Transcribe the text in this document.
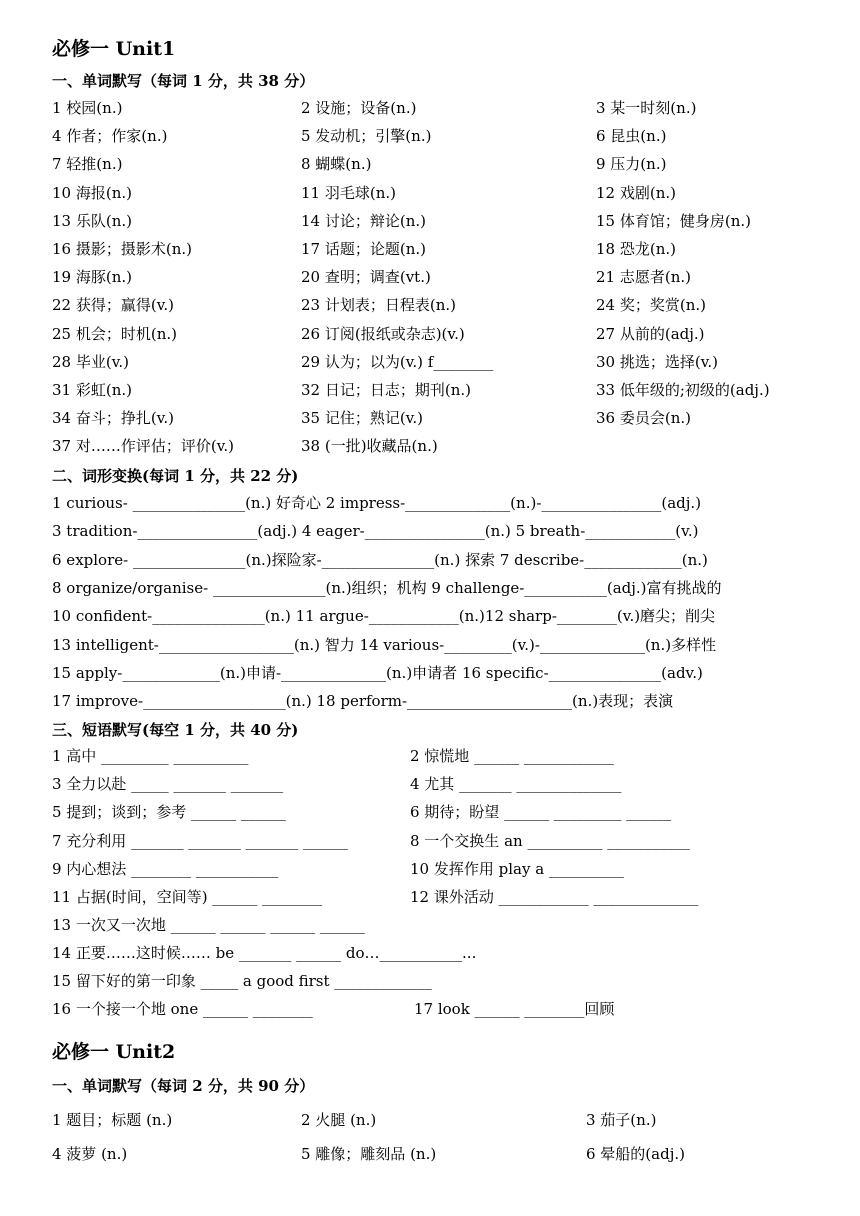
必修一 Unit1
一、单词默写（每词 1 分，共 38 分）
1 校园(n.)	2 设施；设备(n.)	3 某一时刻(n.)
4 作者；作家(n.)	5 发动机；引擎(n.)	6 昆虫(n.)
7 轻推(n.)	8 蝴蝶(n.)	9 压力(n.)
10 海报(n.)	11 羽毛球(n.)	12 戏剧(n.)
13 乐队(n.)	14 讨论；辩论(n.)	15 体育馆；健身房(n.)
16 摄影；摄影术(n.)	17 话题；论题(n.)	18 恐龙(n.)
19 海豚(n.)	20 查明；调查(vt.)	21 志愿者(n.)
22 获得；赢得(v.)	23 计划表；日程表(n.)	24 奖；奖赏(n.)
25 机会；时机(n.)	26 订阅(报纸或杂志)(v.)	27 从前的(adj.)
28 毕业(v.)	29 认为；以为(v.) f________	30 挑选；选择(v.)
31 彩虹(n.)	32 日记；日志；期刊(n.)	33 低年级的;初级的(adj.)
34 奋斗；挣扎(v.)	35 记住；熟记(v.)	36 委员会(n.)
37 对……作评估；评价(v.)	38 (一批)收藏品(n.)
二、词形变换(每词 1 分，共 22 分)
1 curious- _______________(n.) 好奇心 2 impress-______________(n.)-________________(adj.)
3 tradition-________________(adj.) 4 eager-________________(n.) 5 breath-____________(v.)
6 explore- _______________(n.)探险家-_______________(n.) 探索 7 describe-_____________(n.)
8 organize/organise- _______________(n.)组织；机构 9 challenge-___________(adj.)富有挑战的
10 confident-_______________(n.) 11 argue-____________(n.)12 sharp-________(v.)磨尖；削尖
13 intelligent-__________________(n.) 智力 14 various-_________(v.)-______________(n.)多样性
15 apply-_____________(n.)申请-______________(n.)申请者 16 specific-_______________(adv.)
17 improve-___________________(n.) 18 perform-______________________(n.)表现；表演
三、短语默写(每空 1 分，共 40 分)
1 高中 _________ __________	2 惊慌地 ______ ____________
3 全力以赴 _____ _______ _______	4 尤其 _______ ______________
5 提到；谈到；参考 ______ ______	6 期待；盼望 ______ _________ ______
7 充分利用 _______ _______ _______ ______	8 一个交换生 an __________ ___________
9 内心想法 ________ ___________	10 发挥作用 play a __________
11 占据(时间，空间等) ______ ________	12 课外活动 ____________ ______________
13 一次又一次地 ______ ______ ______ ______
14 正要……这时候…… be _______ ______ do…___________...
15 留下好的第一印象 _____ a good first _____________
16 一个接一个地 one ______ ________	17 look ______ ________回顾
必修一 Unit2
一、单词默写（每词 2 分，共 90 分）
1 题目；标题 (n.)	2 火腿 (n.)	3 茄子(n.)
4 菠萝 (n.)	5 雕像；雕刻品 (n.)	6 晕船的(adj.)
